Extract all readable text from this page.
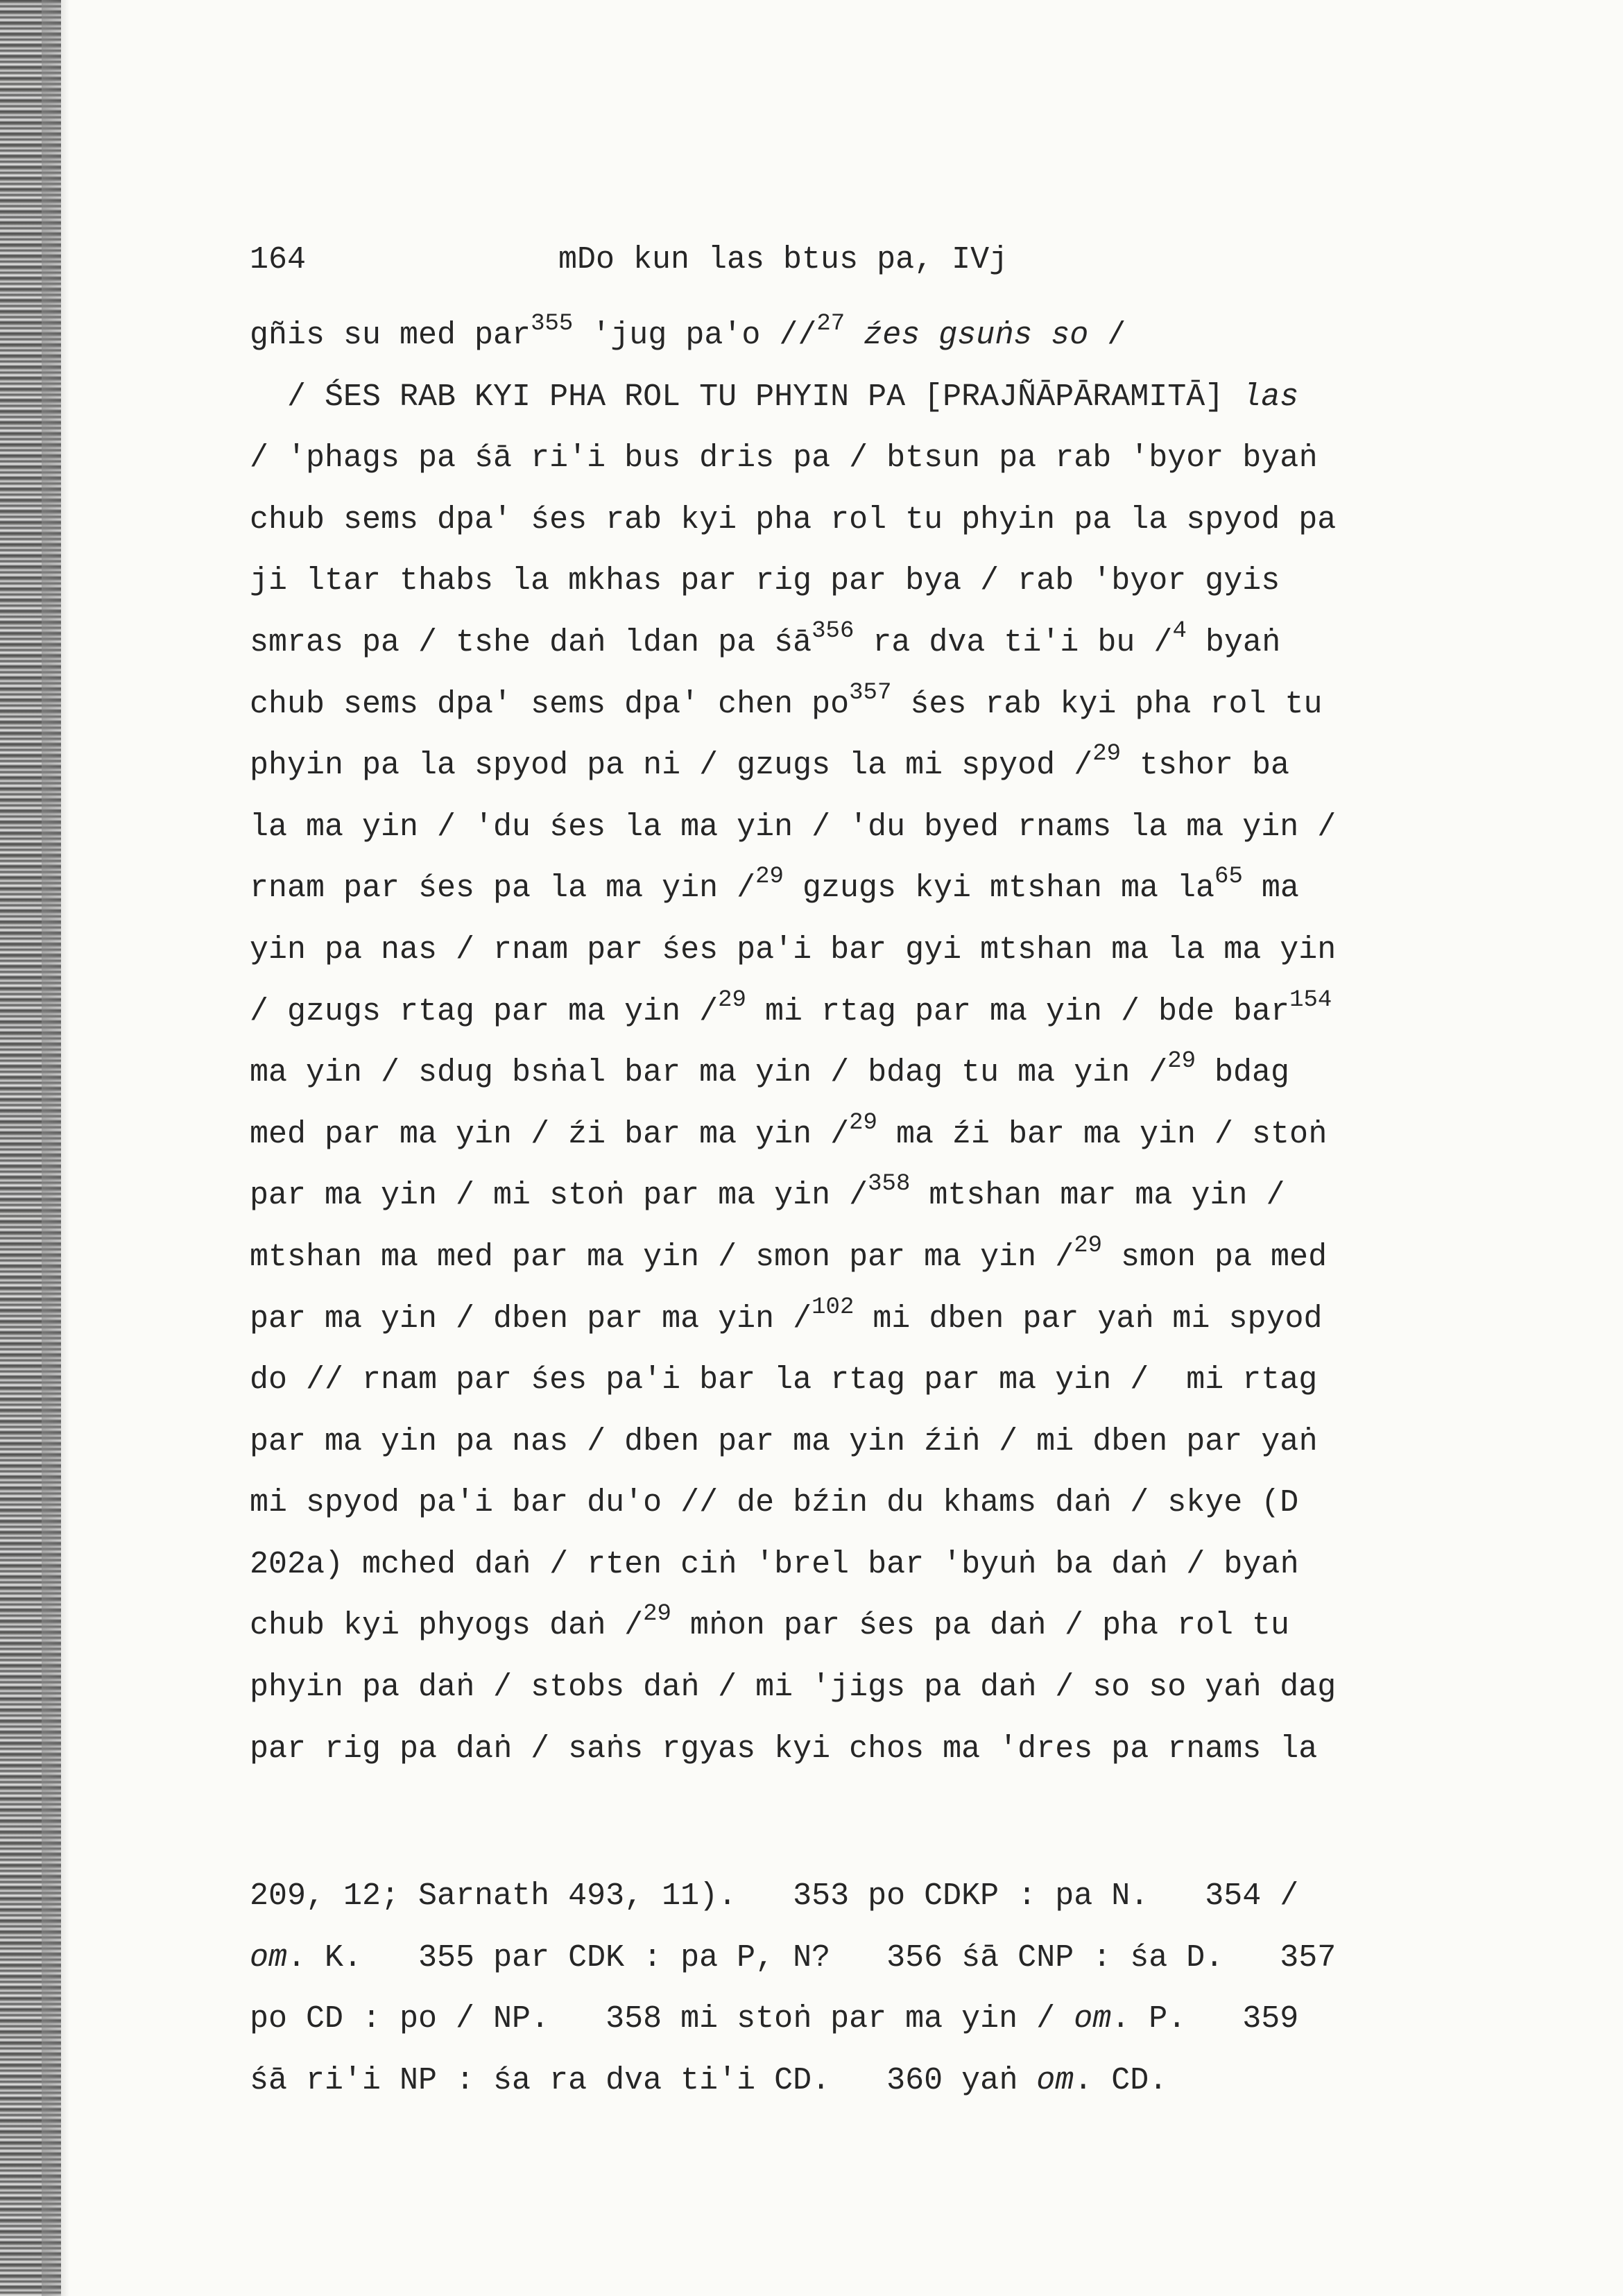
164

	mDo kun las btus pa, IVj

gñis su med par$^{355}$ 'jug pa'o //$^{27}$ źes gsuṅs so /
/ ŚES RAB KYI PHA ROL TU PHYIN PA [PRAJÑĀPĀRAMITĀ] las
/ 'phags pa śā ri'i bus dris pa / btsun pa rab 'byor byaṅ
chub sems dpa' śes rab kyi pha rol tu phyin pa la spyod pa
ji ltar thabs la mkhas par rig par bya / rab 'byor gyis
smras pa / tshe daṅ ldan pa $śā^{356}$ ra dva ti'i bu /$^4$ byaṅ
chub sems dpa' sems dpa' chen $po^{357}$ śes rab kyi pha rol tu
phyin pa la spyod pa ni / gzugs la mi spyod /$^{29}$ tshor ba
la ma yin / 'du śes la ma yin / 'du byed rnams la ma yin /
rnam par śes pa la ma yin /$^{29}$ gzugs kyi mtshan ma $la^{65}$ ma
yin pa nas / rnam par śes pa'i bar gyi mtshan ma la ma yin
/ gzugs rtag par ma yin /$^{29}$ mi rtag par ma yin / bde bar$^{154}$
ma yin / sdug bsṅal bar ma yin / bdag tu ma yin /$^{29}$ bdag
med par ma yin / źi bar ma yin /$^{29}$ ma źi bar ma yin / stoṅ
par ma yin / mi stoṅ par ma yin /$^{358}$ mtshan mar ma yin /
mtshan ma med par ma yin / smon par ma yin /$^{29}$ smon pa med
par ma yin / dben par ma yin /$^{102}$ mi dben par yaṅ mi spyod
do // rnam par śes pa'i bar la rtag par ma yin /  mi rtag
par ma yin pa nas / dben par ma yin źiṅ / mi dben par yaṅ
mi spyod pa'i bar du'o // de bźin du khams daṅ / skye (D
202a) mched daṅ / rten ciṅ 'brel bar 'byuṅ ba daṅ / byaṅ
chub kyi phyogs daṅ /$^{29}$ mṅon par śes pa daṅ / pha rol tu
phyin pa daṅ / stobs daṅ / mi 'jigs pa daṅ / so so yaṅ dag
par rig pa daṅ / saṅs rgyas kyi chos ma 'dres pa rnams la
209, 12; Sarnath 493, 11).   353 po CDKP : pa N.   354 /
om. K.   355 par CDK : pa P, N?   356 śā CNP : śa D.   357
po CD : po / NP.   358 mi stoṅ par ma yin / om. P.   359
śā ri'i NP : śa ra dva ti'i CD.   360 yaṅ om. CD.
